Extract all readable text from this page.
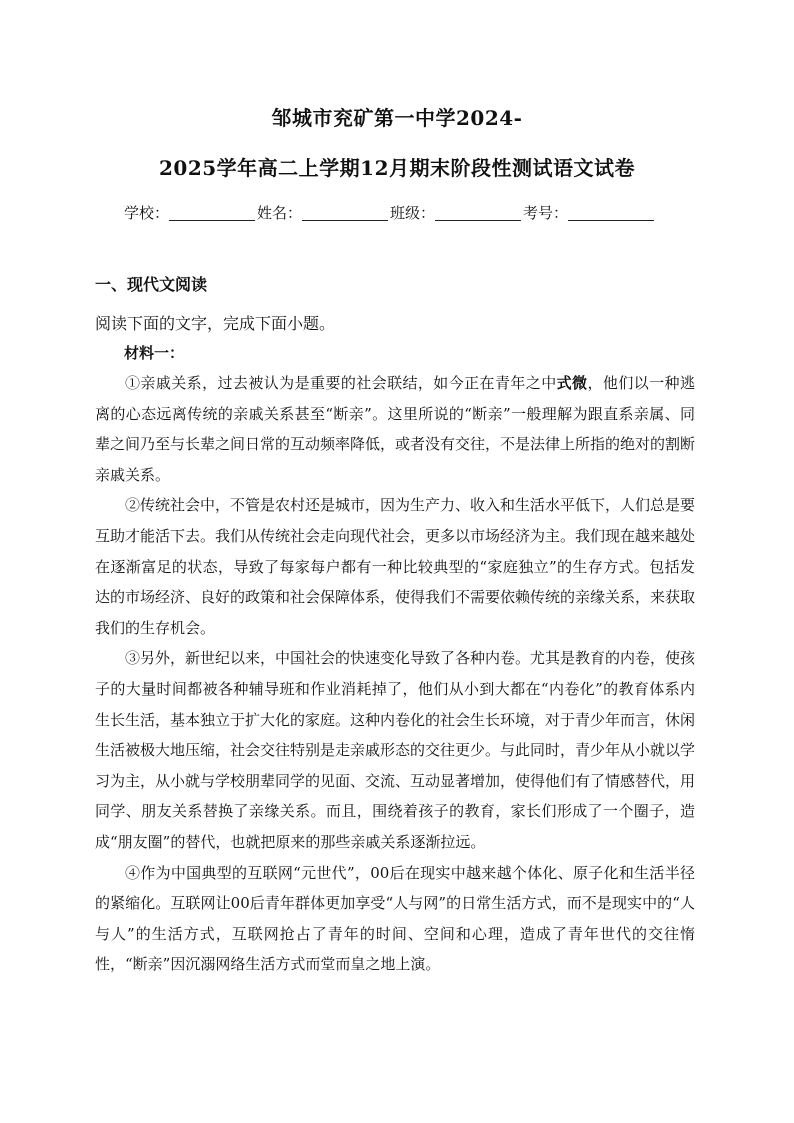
邹城市兖矿第一中学2024-
2025学年高二上学期12月期末阶段性测试语文试卷
学校：	姓名：	班级：	考号：
一、现代文阅读
阅读下面的文字，完成下面小题。
材料一：

①亲戚关系，过去被认为是重要的社会联结，如今正在青年之中式微，他们以一种逃离的心态远离传统的亲戚关系甚至“断亲”。这里所说的“断亲”一般理解为跟直系亲属、同辈之间乃至与长辈之间日常的互动频率降低，或者没有交往，不是法律上所指的绝对的割断亲戚关系。

②传统社会中，不管是农村还是城市，因为生产力、收入和生活水平低下，人们总是要互助才能活下去。我们从传统社会走向现代社会，更多以市场经济为主。我们现在越来越处在逐渐富足的状态，导致了每家每户都有一种比较典型的“家庭独立”的生存方式。包括发达的市场经济、良好的政策和社会保障体系，使得我们不需要依赖传统的亲缘关系，来获取我们的生存机会。

③另外，新世纪以来，中国社会的快速变化导致了各种内卷。尤其是教育的内卷，使孩子的大量时间都被各种辅导班和作业消耗掉了，他们从小到大都在“内卷化”的教育体系内生长生活，基本独立于扩大化的家庭。这种内卷化的社会生长环境，对于青少年而言，休闲生活被极大地压缩，社会交往特别是走亲戚形态的交往更少。与此同时，青少年从小就以学习为主，从小就与学校朋辈同学的见面、交流、互动显著增加，使得他们有了情感替代，用同学、朋友关系替换了亲缘关系。而且，围绕着孩子的教育，家长们形成了一个圈子，造成“朋友圈”的替代，也就把原来的那些亲戚关系逐渐拉远。

④作为中国典型的互联网“元世代”，00后在现实中越来越个体化、原子化和生活半径的紧缩化。互联网让00后青年群体更加享受“人与网”的日常生活方式，而不是现实中的“人与人”的生活方式，互联网抢占了青年的时间、空间和心理，造成了青年世代的交往惰性，“断亲”因沉溺网络生活方式而堂而皇之地上演。
